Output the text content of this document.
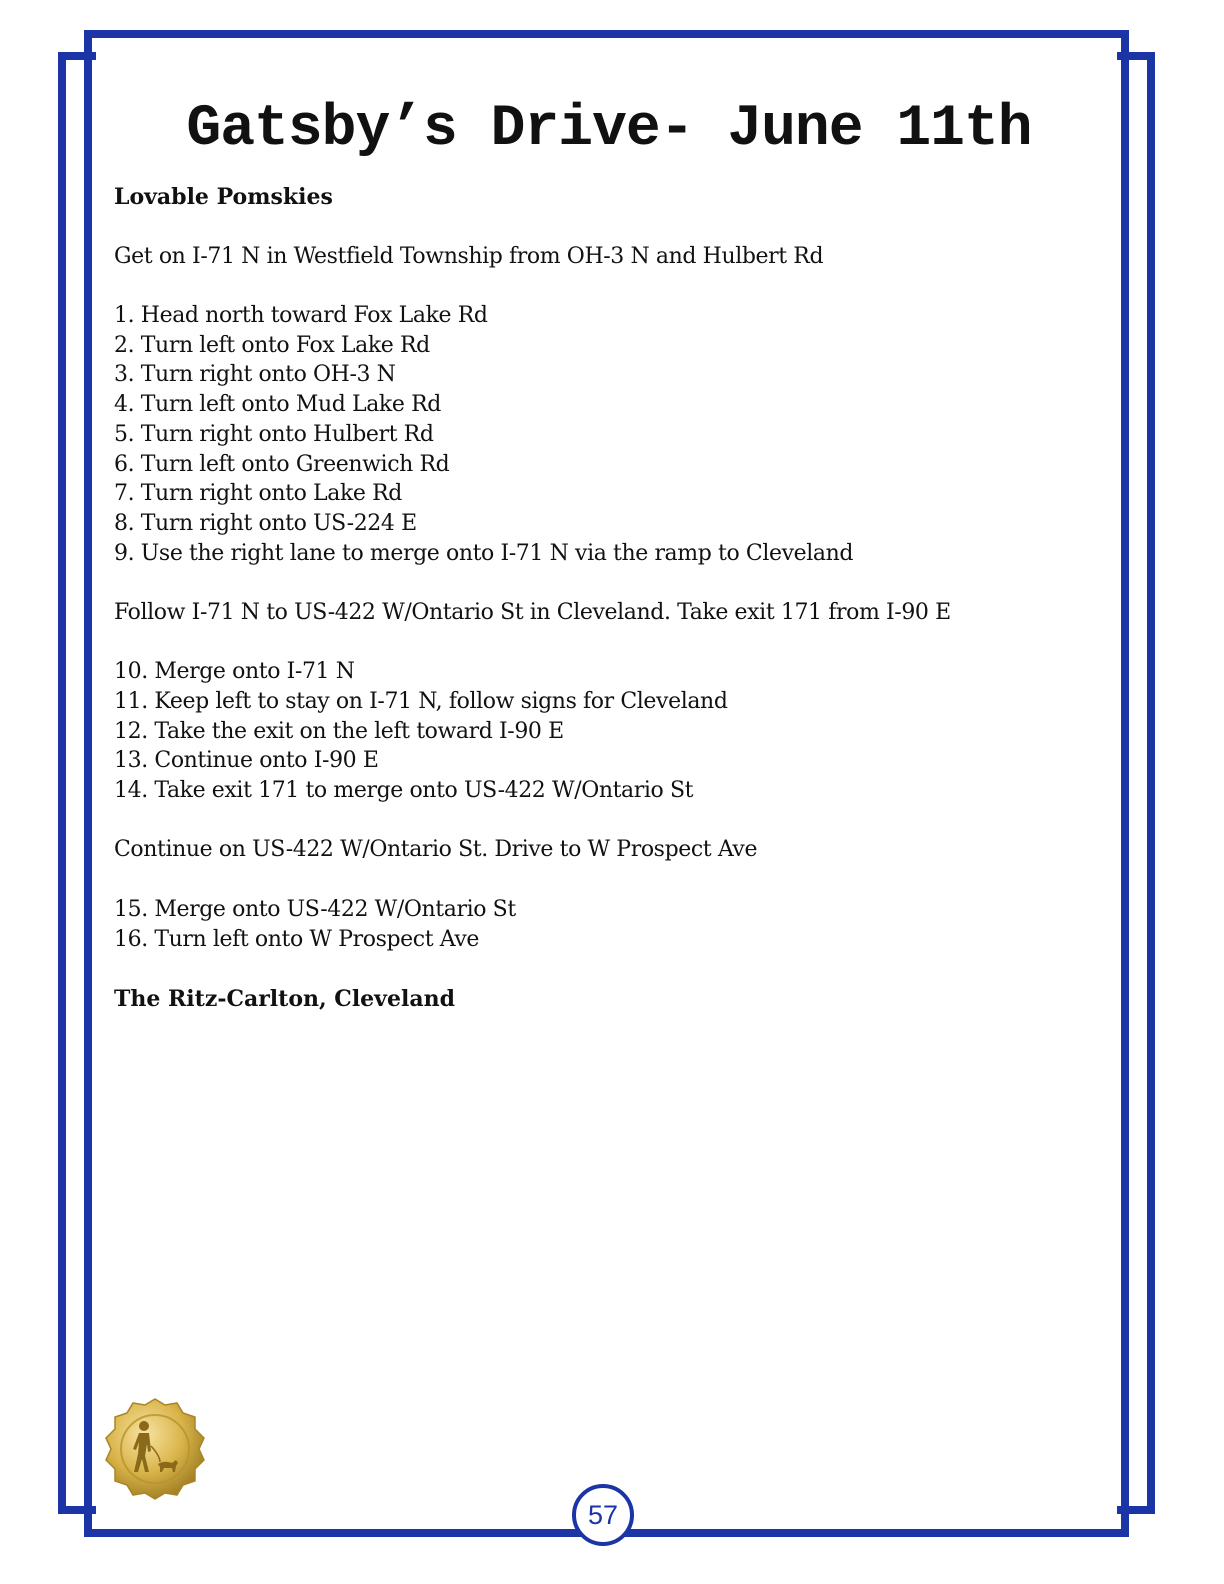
Gatsby’s Drive- June 11th
Lovable Pomskies
Get on I-71 N in Westfield Township from OH-3 N and Hulbert Rd
1. Head north toward Fox Lake Rd
2. Turn left onto Fox Lake Rd
3. Turn right onto OH-3 N
4. Turn left onto Mud Lake Rd
5. Turn right onto Hulbert Rd
6. Turn left onto Greenwich Rd
7. Turn right onto Lake Rd
8. Turn right onto US-224 E
9. Use the right lane to merge onto I-71 N via the ramp to Cleveland
Follow I-71 N to US-422 W/Ontario St in Cleveland. Take exit 171 from I-90 E
10. Merge onto I-71 N
11. Keep left to stay on I-71 N, follow signs for Cleveland
12. Take the exit on the left toward I-90 E
13. Continue onto I-90 E
14. Take exit 171 to merge onto US-422 W/Ontario St
Continue on US-422 W/Ontario St. Drive to W Prospect Ave
15. Merge onto US-422 W/Ontario St
16. Turn left onto W Prospect Ave
The Ritz-Carlton, Cleveland
57
